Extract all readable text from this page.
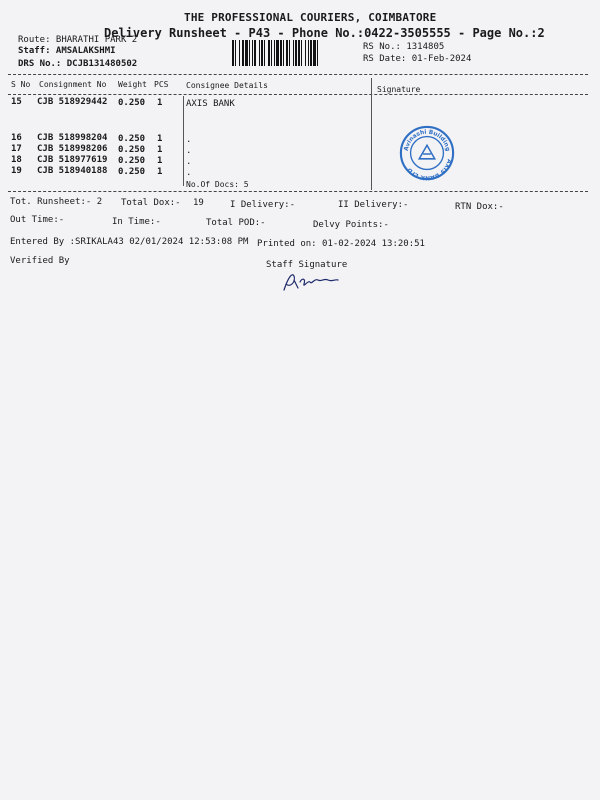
THE PROFESSIONAL COURIERS, COIMBATORE
Delivery Runsheet - P43 - Phone No.:0422-3505555 - Page No.:2
Route: BHARATHI PARK 2
Staff: AMSALAKSHMI
DRS No.: DCJB131480502
RS No.: 1314805
RS Date: 01-Feb-2024
S No Consignment No Weight PCS Consignee Details	Signature
15 CJB 518929442 0.250 1	AXIS BANK
16 CJB 518998204 0.250 1	.
17 CJB 518998206 0.250 1	.
18 CJB 518977619 0.250 1	.
19 CJB 518940188 0.250 1	.
No.Of Docs: 5
Avinashi Building
AXIS BANK LTD
Tot. Runsheet:- 2 Total Dox:- 19	I Delivery:-	II Delivery:-	RTN Dox:-
Out Time:-	In Time:-	Total POD:-	Delvy Points:-
Entered By :SRIKALA43 02/01/2024 12:53:08 PM Printed on: 01-02-2024 13:20:51
Verified By	Staff Signature
